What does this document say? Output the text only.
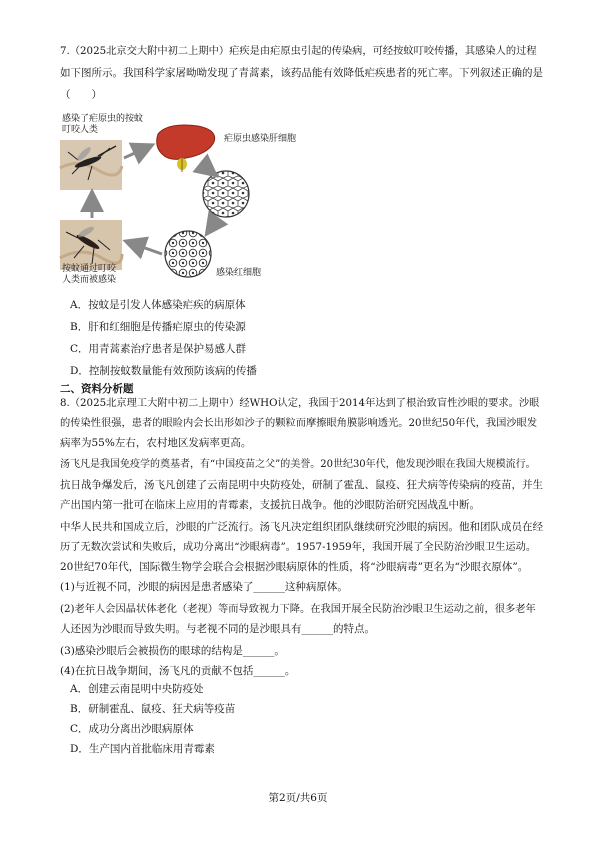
7.（2025北京交大附中初二上期中）疟疾是由疟原虫引起的传染病，可经按蚊叮咬传播，其感染人的过程
如下图所示。我国科学家屠呦呦发现了青蒿素，该药品能有效降低疟疾患者的死亡率。下列叙述正确的是
（　　）
感染了疟原虫的按蚊
叮咬人类
疟原虫感染肝细胞
按蚊通过叮咬
人类而被感染
感染红细胞
A．按蚊是引发人体感染疟疾的病原体
B．肝和红细胞是传播疟原虫的传染源
C．用青蒿素治疗患者是保护易感人群
D．控制按蚊数量能有效预防该病的传播
二、资料分析题
8.（2025北京理工大附中初二上期中）经WHO认定，我国于2014年达到了根治致盲性沙眼的要求。沙眼
的传染性很强，患者的眼睑内会长出形如沙子的颗粒而摩擦眼角膜影响透光。20世纪50年代，我国沙眼发
病率为55%左右，农村地区发病率更高。
汤飞凡是我国免疫学的奠基者，有“中国疫苗之父”的美誉。20世纪30年代，他发现沙眼在我国大规模流行。
抗日战争爆发后，汤飞凡创建了云南昆明中央防疫处，研制了霍乱、鼠疫、狂犬病等传染病的疫苗，并生
产出国内第一批可在临床上应用的青霉素，支援抗日战争。他的沙眼防治研究因战乱中断。
中华人民共和国成立后，沙眼的广泛流行。汤飞凡决定组织团队继续研究沙眼的病因。他和团队成员在经
历了无数次尝试和失败后，成功分离出“沙眼病毒”。1957-1959年，我国开展了全民防治沙眼卫生运动。
20世纪70年代，国际微生物学会联合会根据沙眼病原体的性质，将“沙眼病毒”更名为“沙眼衣原体”。
(1)与近视不同，沙眼的病因是患者感染了______这种病原体。
(2)老年人会因晶状体老化（老视）等而导致视力下降。在我国开展全民防治沙眼卫生运动之前，很多老年
人还因为沙眼而导致失明。与老视不同的是沙眼具有______的特点。
(3)感染沙眼后会被损伤的眼球的结构是______。
(4)在抗日战争期间，汤飞凡的贡献不包括______。
A．创建云南昆明中央防疫处
B．研制霍乱、鼠疫、狂犬病等疫苗
C．成功分离出沙眼病原体
D．生产国内首批临床用青霉素
第2页/共6页
